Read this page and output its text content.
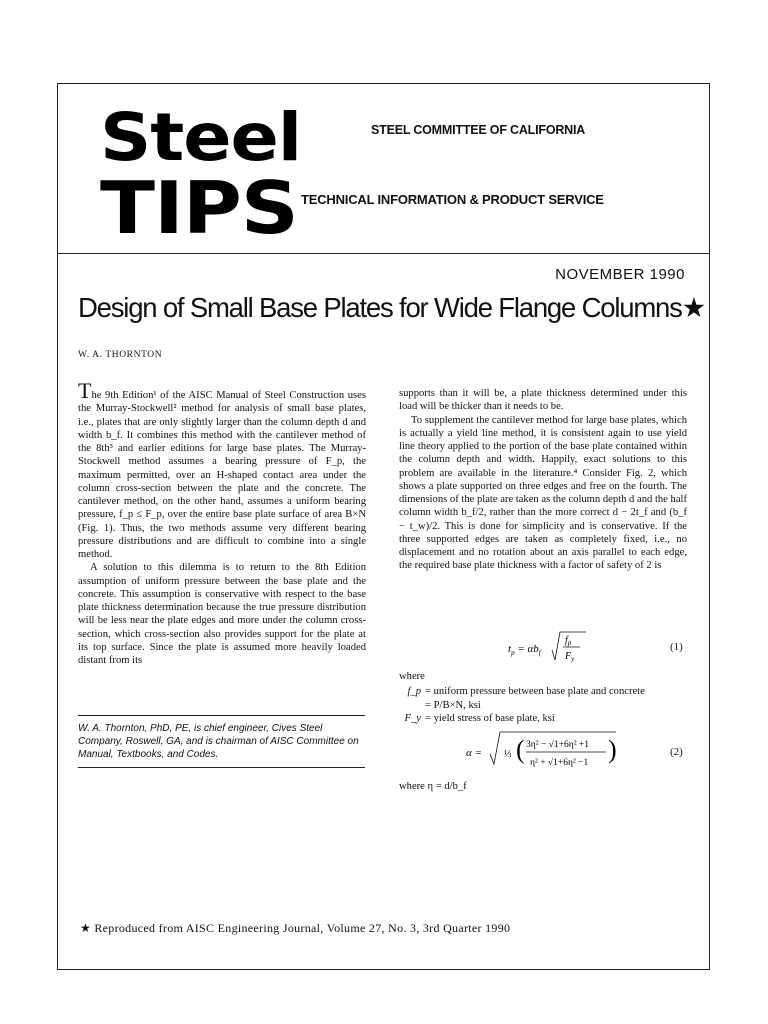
Steel
TIPS
STEEL COMMITTEE OF CALIFORNIA
TECHNICAL INFORMATION & PRODUCT SERVICE
NOVEMBER 1990
Design of Small Base Plates for Wide Flange Columns★
W. A. THORNTON

The 9th Edition¹ of the AISC Manual of Steel Construction uses the Murray-Stockwell² method for analysis of small base plates, i.e., plates that are only slightly larger than the column depth d and width b_f. It combines this method with the cantilever method of the 8th³ and earlier editions for large base plates. The Murray-Stockwell method assumes a bearing pressure of F_p, the maximum permitted, over an H-shaped contact area under the column cross-section between the plate and the concrete. The cantilever method, on the other hand, assumes a uniform bearing pressure, f_p ≤ F_p, over the entire base plate surface of area B×N (Fig. 1). Thus, the two methods assume very different bearing pressure distributions and are difficult to combine into a single method.

A solution to this dilemma is to return to the 8th Edition assumption of uniform pressure between the base plate and the concrete. This assumption is conservative with respect to the base plate thickness determination because the true pressure distribution will be less near the plate edges and more under the column cross-section, which cross-section also provides support for the plate at its top surface. Since the plate is assumed more heavily loaded distant from its

W. A. Thornton, PhD, PE, is chief engineer, Cives Steel Company, Roswell, GA, and is chairman of AISC Committee on Manual, Textbooks, and Codes.

supports than it will be, a plate thickness determined under this load will be thicker than it needs to be.

To supplement the cantilever method for large base plates, which is actually a yield line method, it is consistent again to use yield line theory applied to the portion of the base plate contained within the column depth and width. Happily, exact solutions to this problem are available in the literature.⁴ Consider Fig. 2, which shows a plate supported on three edges and free on the fourth. The dimensions of the plate are taken as the column depth d and the half column width b_f/2, rather than the more correct d − 2t_f and (b_f − t_w)/2. This is done for simplicity and is conservative. If the three supported edges are taken as completely fixed, i.e., no displacement and no rotation about an axis parallel to each edge, the required base plate thickness with a factor of safety of 2 is

$t_p = \alpha b_f$
$f_p$
$F_y$
(1)
where
f_p = uniform pressure between base plate and concrete
= P/B×N, ksi
F_y = yield stress of base plate, ksi
α = ⅓ ( 3η² − √1+6η² +1
η² + √1+6η² −1 )	(2)
where η = d/b_f
★ Reproduced from AISC Engineering Journal, Volume 27, No. 3, 3rd Quarter 1990
